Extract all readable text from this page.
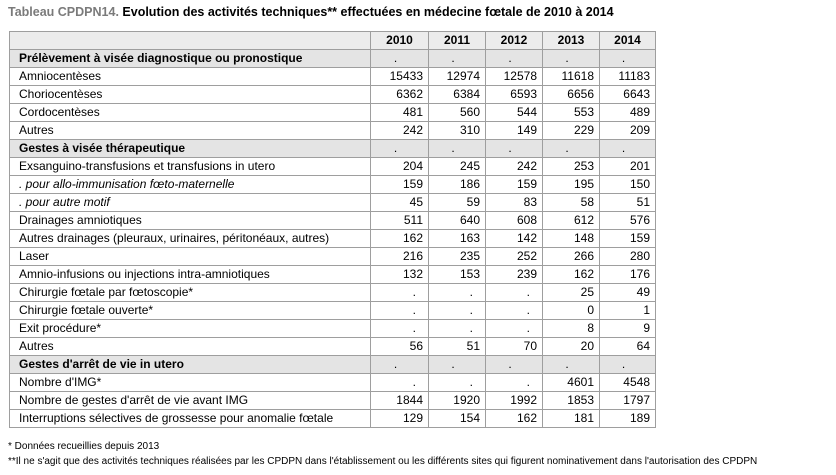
Tableau CPDPN14. Evolution des activités techniques** effectuées en médecine fœtale de 2010 à 2014
	2010	2011	2012	2013	2014
Prélèvement à visée diagnostique ou pronostique	.	.	.	.	.
Amniocentèses	15433	12974	12578	11618	11183
Choriocentèses	6362	6384	6593	6656	6643
Cordocentèses	481	560	544	553	489
Autres	242	310	149	229	209
Gestes à visée thérapeutique	.	.	.	.	.
Exsanguino-transfusions et transfusions in utero	204	245	242	253	201
. pour allo-immunisation fœto-maternelle	159	186	159	195	150
. pour autre motif	45	59	83	58	51
Drainages amniotiques	511	640	608	612	576
Autres drainages (pleuraux, urinaires, péritonéaux, autres)	162	163	142	148	159
Laser	216	235	252	266	280
Amnio-infusions ou injections intra-amniotiques	132	153	239	162	176
Chirurgie fœtale par fœtoscopie*	.	.	.	25	49
Chirurgie fœtale ouverte*	.	.	.	0	1
Exit procédure*	.	.	.	8	9
Autres	56	51	70	20	64
Gestes d'arrêt de vie in utero	.	.	.	.	.
Nombre d'IMG*	.	.	.	4601	4548
Nombre de gestes d'arrêt de vie avant IMG	1844	1920	1992	1853	1797
Interruptions sélectives de grossesse pour anomalie fœtale	129	154	162	181	189
* Données recueillies depuis 2013
**Il ne s'agit que des activités techniques réalisées par les CPDPN dans l'établissement ou les différents sites qui figurent nominativement dans l'autorisation des CPDPN
